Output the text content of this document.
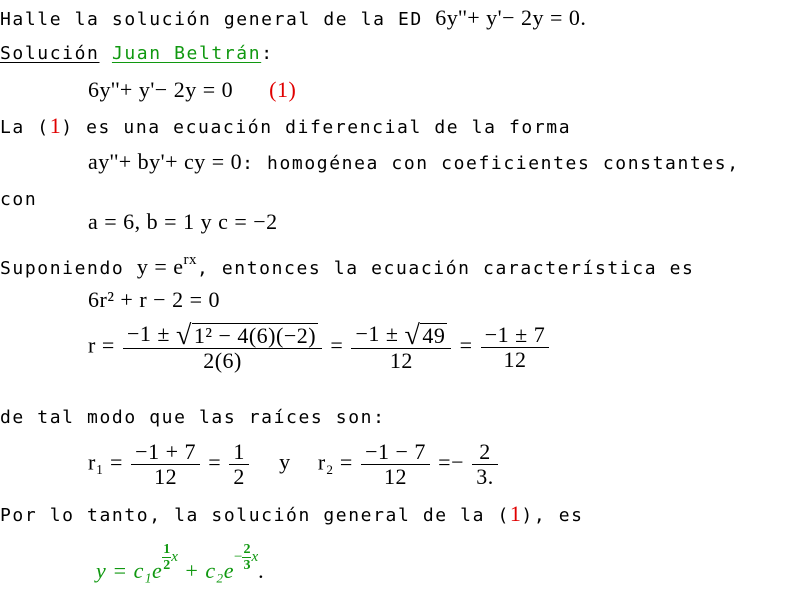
Halle la solución general de la ED 6y''+ y'− 2y = 0.
Solución Juan Beltrán:
6y''+ y'− 2y = 0 (1)
La (1) es una ecuación diferencial de la forma
ay''+ by'+ cy = 0: homogénea con coeficientes constantes,
con
a = 6, b = 1 y c = −2
Suponiendo $y = e^{rx}$, entonces la ecuación característica es
6r² + r − 2 = 0
$r = \frac{\text{−1 ± √1² − 4(6)(−2)}}{2(6)} = \frac{-1 \pm √49}{12} = \frac{-1 \pm 7}{12}$
de tal modo que las raíces son:
$r_1 = \frac{-1 + 7}{12} = \frac{1}{2}$ y $r_2 = \frac{-1 - 7}{12} =- \frac{2}{3.}$
Por lo tanto, la solución general de la (1), es
$y = c_1e \frac{1}{2}$ $x + c_2e- \frac{2}{3} x$.
